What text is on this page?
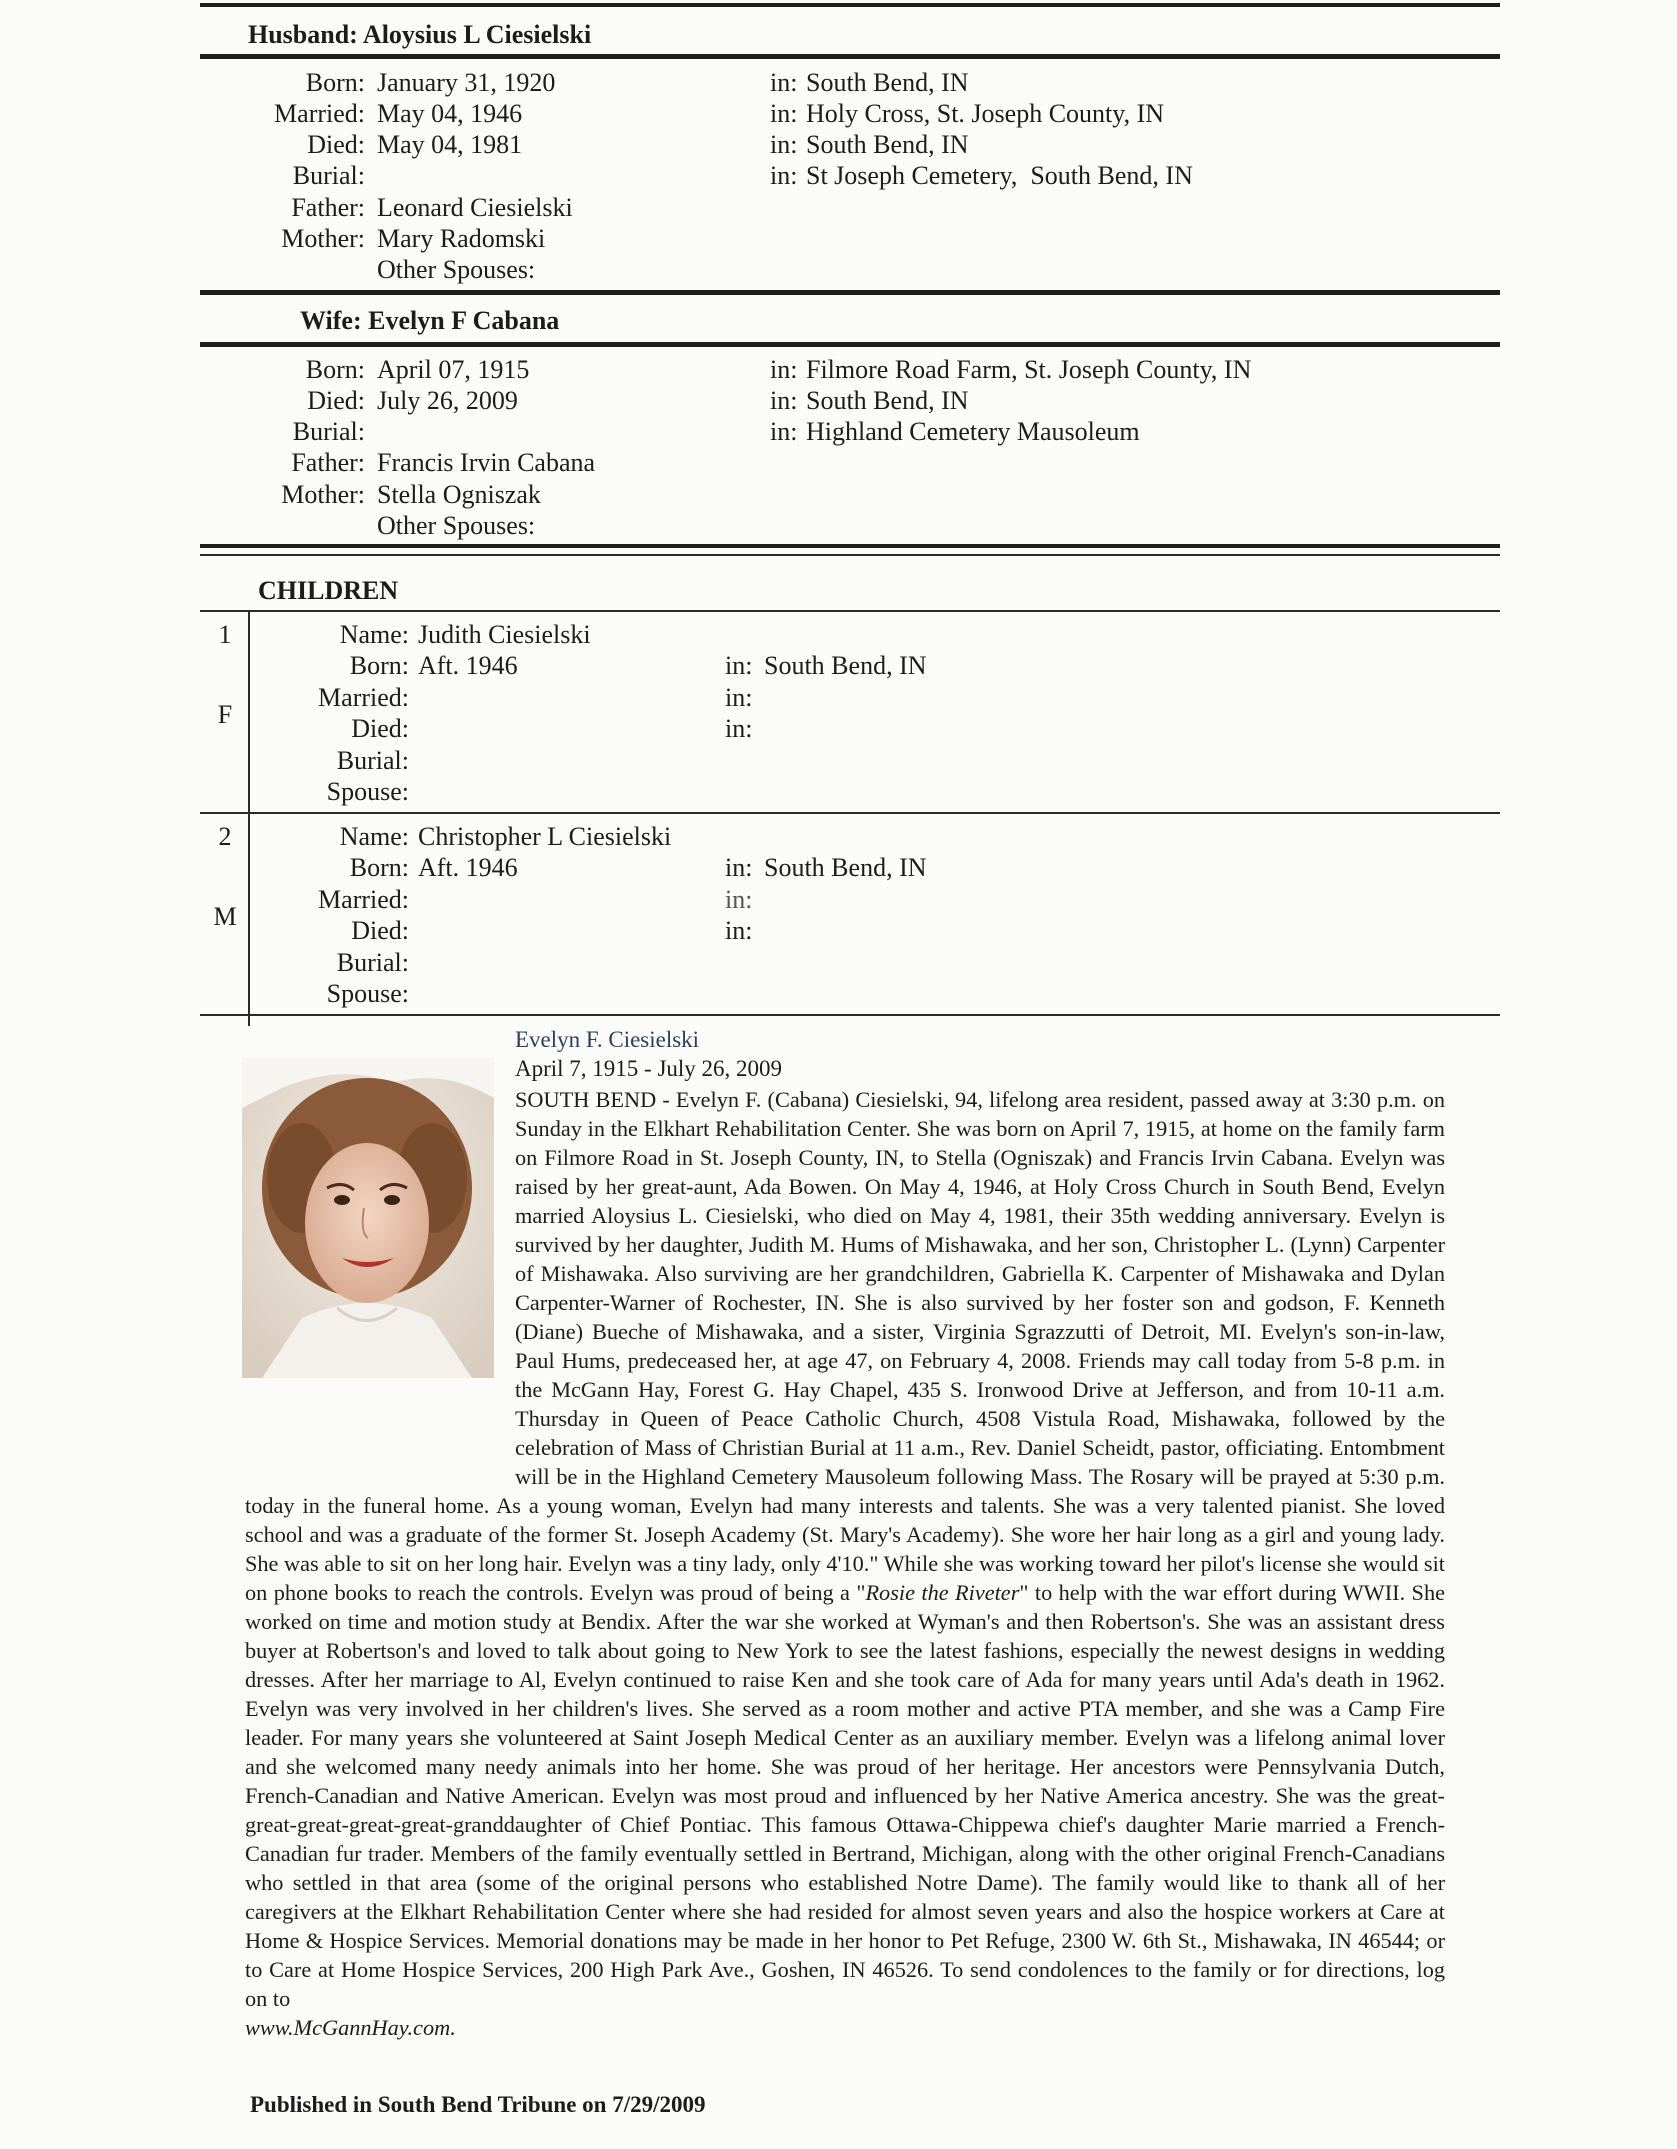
Husband: Aloysius L Ciesielski
Born: January 31, 1920	in: South Bend, IN
Married: May 04, 1946	in: Holy Cross, St. Joseph County, IN
Died: May 04, 1981	in: South Bend, IN
Burial:	in: St Joseph Cemetery,  South Bend, IN
Father: Leonard Ciesielski
Mother: Mary Radomski
Other Spouses:
Wife: Evelyn F Cabana
Born: April 07, 1915	in: Filmore Road Farm, St. Joseph County, IN
Died: July 26, 2009	in: South Bend, IN
Burial:	in: Highland Cemetery Mausoleum
Father: Francis Irvin Cabana
Mother: Stella Ogniszak
Other Spouses:
CHILDREN
1
F
Name: Judith Ciesielski
Born: Aft. 1946	in: South Bend, IN
Married:	in:
Died:	in:
Burial:
Spouse:
2
M
Name: Christopher L Ciesielski
Born: Aft. 1946	in: South Bend, IN
Married:	in:
Died:	in:
Burial:
Spouse:
Evelyn F. Ciesielski
April 7, 1915 - July 26, 2009
SOUTH BEND - Evelyn F. (Cabana) Ciesielski, 94, lifelong area resident, passed away at 3:30 p.m. on Sunday in the Elkhart Rehabilitation Center. She was born on April 7, 1915, at home on the family farm on Filmore Road in St. Joseph County, IN, to Stella (Ogniszak) and Francis Irvin Cabana. Evelyn was raised by her great-aunt, Ada Bowen. On May 4, 1946, at Holy Cross Church in South Bend, Evelyn married Aloysius L. Ciesielski, who died on May 4, 1981, their 35th wedding anniversary. Evelyn is survived by her daughter, Judith M. Hums of Mishawaka, and her son, Christopher L. (Lynn) Carpenter of Mishawaka. Also surviving are her grandchildren, Gabriella K. Carpenter of Mishawaka and Dylan Carpenter-Warner of Rochester, IN. She is also survived by her foster son and godson, F. Kenneth (Diane) Bueche of Mishawaka, and a sister, Virginia Sgrazzutti of Detroit, MI. Evelyn's son-in-law, Paul Hums, predeceased her, at age 47, on February 4, 2008. Friends may call today from 5-8 p.m. in the McGann Hay, Forest G. Hay Chapel, 435 S. Ironwood Drive at Jefferson, and from 10-11 a.m. Thursday in Queen of Peace Catholic Church, 4508 Vistula Road, Mishawaka, followed by the celebration of Mass of Christian Burial at 11 a.m., Rev. Daniel Scheidt, pastor, officiating. Entombment will be in the Highland Cemetery Mausoleum following Mass. The Rosary will be prayed at 5:30 p.m. today in the funeral home. As a young woman, Evelyn had many interests and talents. She was a very talented pianist. She loved school and was a graduate of the former St. Joseph Academy (St. Mary's Academy). She wore her hair long as a girl and young lady. She was able to sit on her long hair. Evelyn was a tiny lady, only 4'10." While she was working toward her pilot's license she would sit on phone books to reach the controls. Evelyn was proud of being a "Rosie the Riveter" to help with the war effort during WWII. She worked on time and motion study at Bendix. After the war she worked at Wyman's and then Robertson's. She was an assistant dress buyer at Robertson's and loved to talk about going to New York to see the latest fashions, especially the newest designs in wedding dresses. After her marriage to Al, Evelyn continued to raise Ken and she took care of Ada for many years until Ada's death in 1962. Evelyn was very involved in her children's lives. She served as a room mother and active PTA member, and she was a Camp Fire leader. For many years she volunteered at Saint Joseph Medical Center as an auxiliary member. Evelyn was a lifelong animal lover and she welcomed many needy animals into her home. She was proud of her heritage. Her ancestors were Pennsylvania Dutch, French-Canadian and Native American. Evelyn was most proud and influenced by her Native America ancestry. She was the great-great-great-great-great-granddaughter of Chief Pontiac. This famous Ottawa-Chippewa chief's daughter Marie married a French-Canadian fur trader. Members of the family eventually settled in Bertrand, Michigan, along with the other original French-Canadians who settled in that area (some of the original persons who established Notre Dame). The family would like to thank all of her caregivers at the Elkhart Rehabilitation Center where she had resided for almost seven years and also the hospice workers at Care at Home & Hospice Services. Memorial donations may be made in her honor to Pet Refuge, 2300 W. 6th St., Mishawaka, IN 46544; or to Care at Home Hospice Services, 200 High Park Ave., Goshen, IN 46526. To send condolences to the family or for directions, log on to
www.McGannHay.com.
Published in South Bend Tribune on 7/29/2009
